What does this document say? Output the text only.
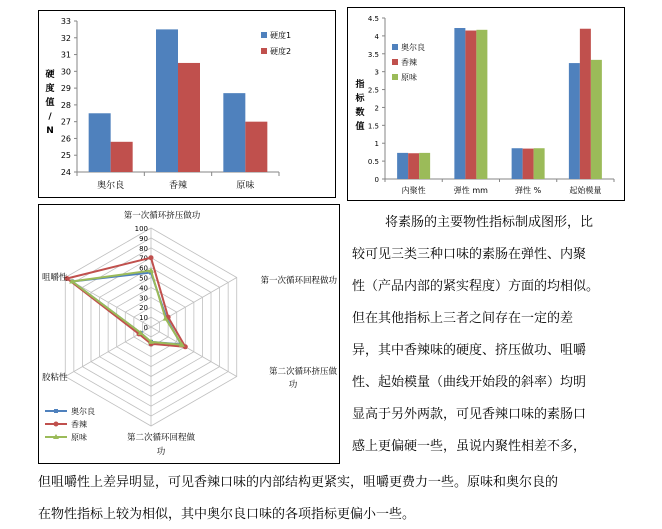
24
25
26
27
28
29
30
31
32
33
奥尔良	香辣	原味
硬
度
值
/
N
硬度1
硬度2
0
0.5
1
1.5
2
2.5
3
3.5
4
4.5
内聚性	弹性 mm	弹性 %	起始模量
指
标
数
值
奥尔良
香辣
原味
0
10
20
30
40
50
60
70
80
90
100
第一次循环挤压做功
第一次循环回程做功
第二次循环挤压做
功
第二次循环回程做
功
胶粘性
咀嚼性
奥尔良
香辣
原味
将素肠的主要物性指标制成图形，比
较可见三类三种口味的素肠在弹性、内聚
性（产品内部的紧实程度）方面的均相似。
但在其他指标上三者之间存在一定的差
异，其中香辣味的硬度、挤压做功、咀嚼
性、起始模量（曲线开始段的斜率）均明
显高于另外两款，可见香辣口味的素肠口
感上更偏硬一些，虽说内聚性相差不多，
但咀嚼性上差异明显，可见香辣口味的内部结构更紧实，咀嚼更费力一些。原味和奥尔良的
在物性指标上较为相似，其中奥尔良口味的各项指标更偏小一些。
